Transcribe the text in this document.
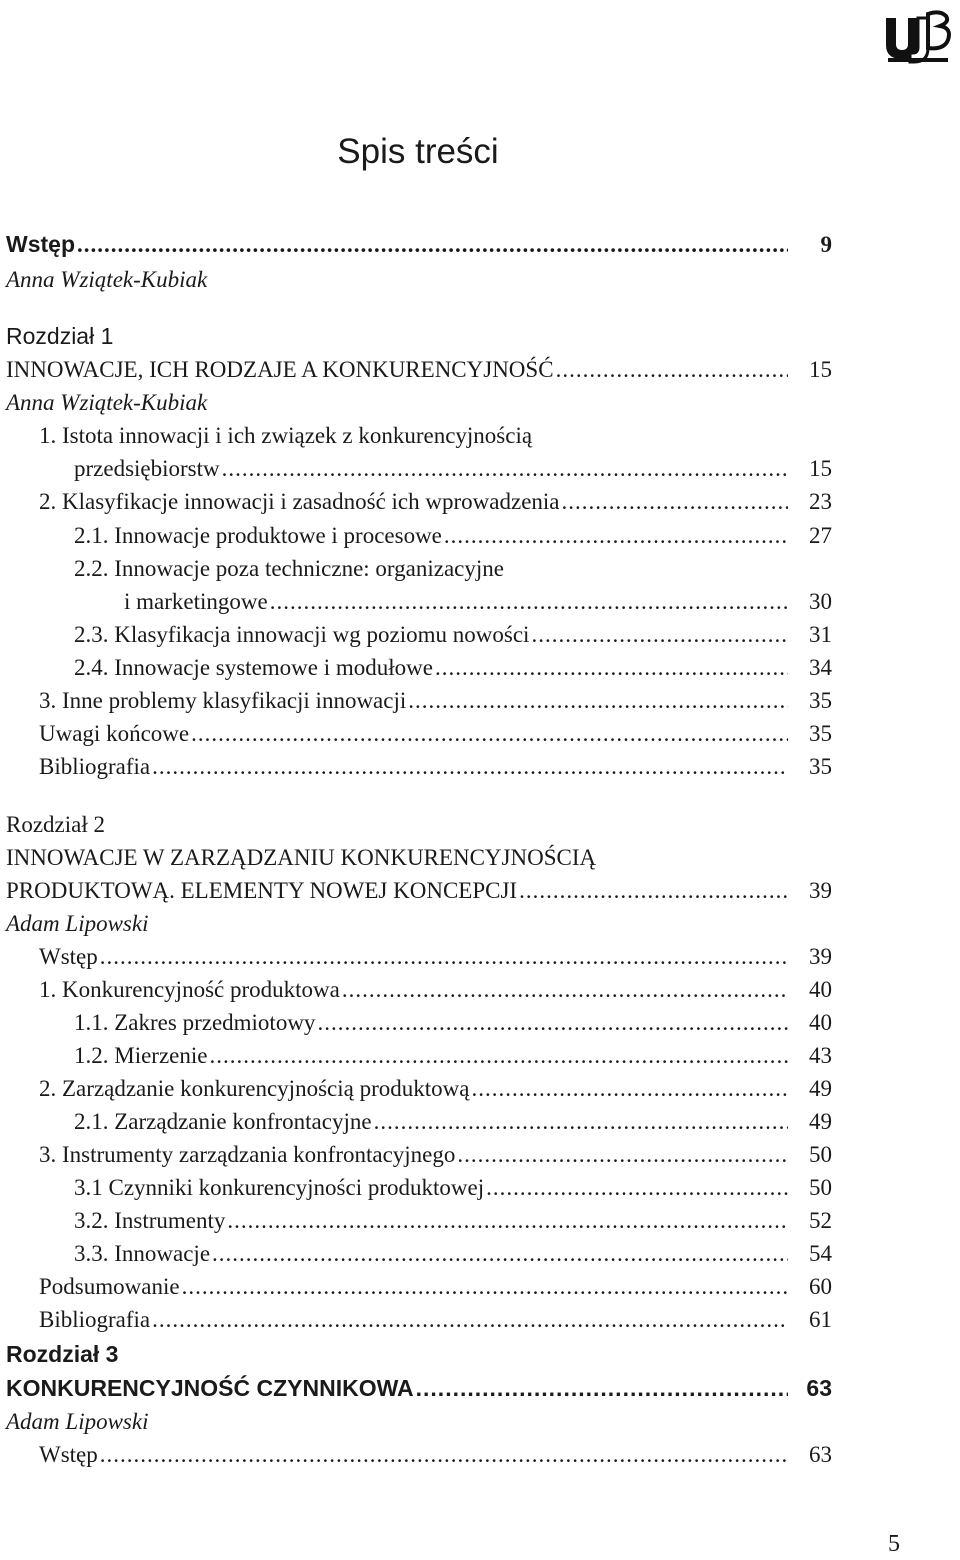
Spis treści
Wstęp .....	9
Anna Wziątek-Kubiak
Rozdział 1
INNOWACJE, ICH RODZAJE A KONKURENCYJNOŚĆ .....	15
Anna Wziątek-Kubiak
1. Istota innowacji i ich związek z konkurencyjnością
przedsiębiorstw .....	15
2. Klasyfikacje innowacji i zasadność ich wprowadzenia .....	23
2.1. Innowacje produktowe i procesowe .....	27
2.2. Innowacje poza techniczne: organizacyjne
i marketingowe .....	30
2.3. Klasyfikacja innowacji wg poziomu nowości .....	31
2.4. Innowacje systemowe i modułowe .....	34
3. Inne problemy klasyfikacji innowacji .....	35
Uwagi końcowe .....	35
Bibliografia .....	35
Rozdział 2
INNOWACJE W ZARZĄDZANIU KONKURENCYJNOŚCIĄ
PRODUKTOWĄ. ELEMENTY NOWEJ KONCEPCJI .....	39
Adam Lipowski
Wstęp .....	39
1. Konkurencyjność produktowa .....	40
1.1. Zakres przedmiotowy .....	40
1.2. Mierzenie .....	43
2. Zarządzanie konkurencyjnością produktową .....	49
2.1. Zarządzanie konfrontacyjne .....	49
3. Instrumenty zarządzania konfrontacyjnego .....	50
3.1 Czynniki konkurencyjności produktowej .....	50
3.2. Instrumenty .....	52
3.3. Innowacje .....	54
Podsumowanie .....	60
Bibliografia .....	61
Rozdział 3
KONKURENCYJNOŚĆ CZYNNIKOWA .....	63
Adam Lipowski
Wstęp .....	63
5
